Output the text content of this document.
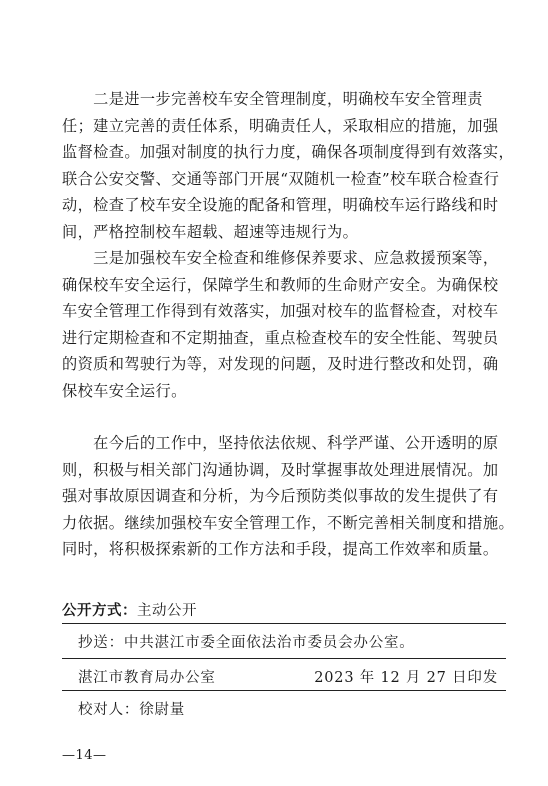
　　二是进一步完善校车安全管理制度，明确校车安全管理责
任；建立完善的责任体系，明确责任人，采取相应的措施，加强
监督检查。加强对制度的执行力度，确保各项制度得到有效落实，
联合公安交警、交通等部门开展“双随机一检查”校车联合检查行
动，检查了校车安全设施的配备和管理，明确校车运行路线和时
间，严格控制校车超载、超速等违规行为。
　　三是加强校车安全检查和维修保养要求、应急救援预案等，
确保校车安全运行，保障学生和教师的生命财产安全。为确保校
车安全管理工作得到有效落实，加强对校车的监督检查，对校车
进行定期检查和不定期抽查，重点检查校车的安全性能、驾驶员
的资质和驾驶行为等，对发现的问题，及时进行整改和处罚，确
保校车安全运行。
　　在今后的工作中，坚持依法依规、科学严谨、公开透明的原
则，积极与相关部门沟通协调，及时掌握事故处理进展情况。加
强对事故原因调查和分析，为今后预防类似事故的发生提供了有
力依据。继续加强校车安全管理工作，不断完善相关制度和措施。
同时，将积极探索新的工作方法和手段，提高工作效率和质量。
公开方式：主动公开
抄送：中共湛江市委全面依法治市委员会办公室。
湛江市教育局办公室	2023 年 12 月 27 日印发
校对人：徐尉量
—14—
